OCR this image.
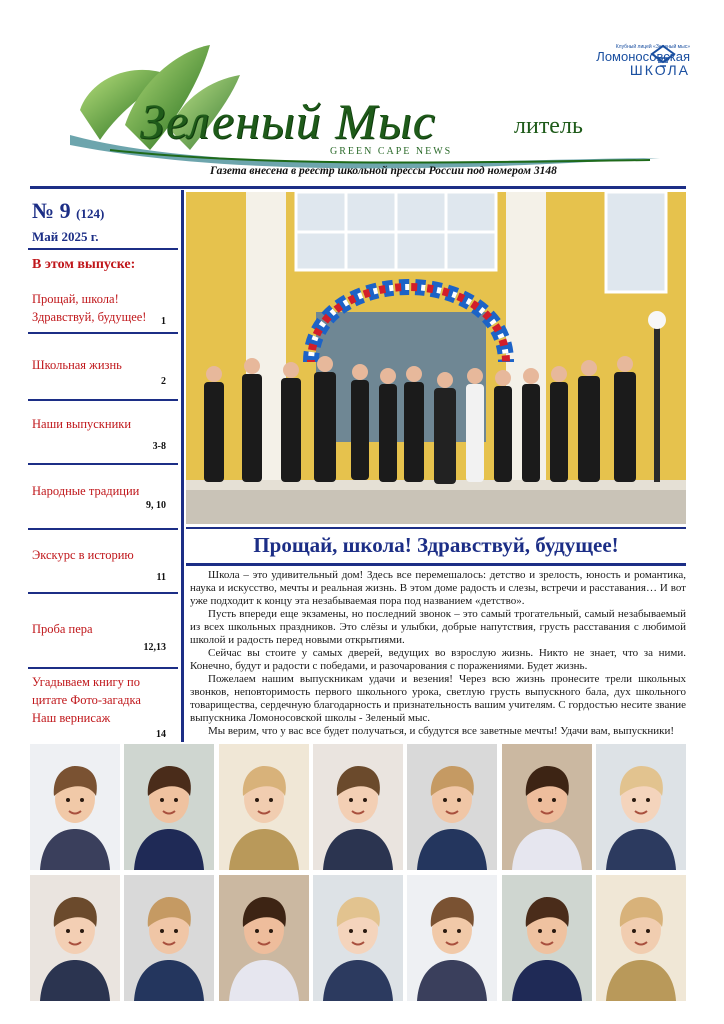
Зеленый Мыс	литель
GREEN CAPE NEWS
Газета внесена в реестр школьной прессы России под номером 3148
Клубный лицей «Зеленый мыс»
Ломоносовская
ШКОЛА
№ 9 (124)
Май 2025 г.
В этом выпуске:
Прощай, школа! Здравствуй, будущее!	1
Школьная жизнь
2
Наши выпускники
3-8
Народные традиции
9, 10
Экскурс в историю
11
Проба пера
12,13
Угадываем книгу по цитате Фото-загадка Наш вернисаж
14
Прощай, школа! Здравствуй, будущее!

Школа – это удивительный дом! Здесь все перемешалось: детство и зрелость, юность и романтика, наука и искусство, мечты и реальная жизнь. В этом доме радость и слезы, встречи и расставания… И вот уже подходит к концу эта незабываемая пора под названием «детство».

Пусть впереди еще экзамены, но последний звонок – это самый трогательный, самый незабываемый из всех школьных праздников. Это слёзы и улыбки, добрые напутствия, грусть расставания с любимой школой и радость перед новыми открытиями.

Сейчас вы стоите у самых дверей, ведущих во взрослую жизнь. Никто не знает, что за ними. Конечно, будут и радости с победами, и разочарования с поражениями. Будет жизнь.

Пожелаем нашим выпускникам удачи и везения! Через всю жизнь пронесите трели школьных звонков, неповторимость первого школьного урока, светлую грусть выпускного бала, дух школьного товарищества, сердечную благодарность и признательность вашим учителям. С гордостью несите звание выпускника Ломоносовской школы - Зеленый мыс.

Мы верим, что у вас все будет получаться, и сбудутся все заветные мечты! Удачи вам, выпускники!
